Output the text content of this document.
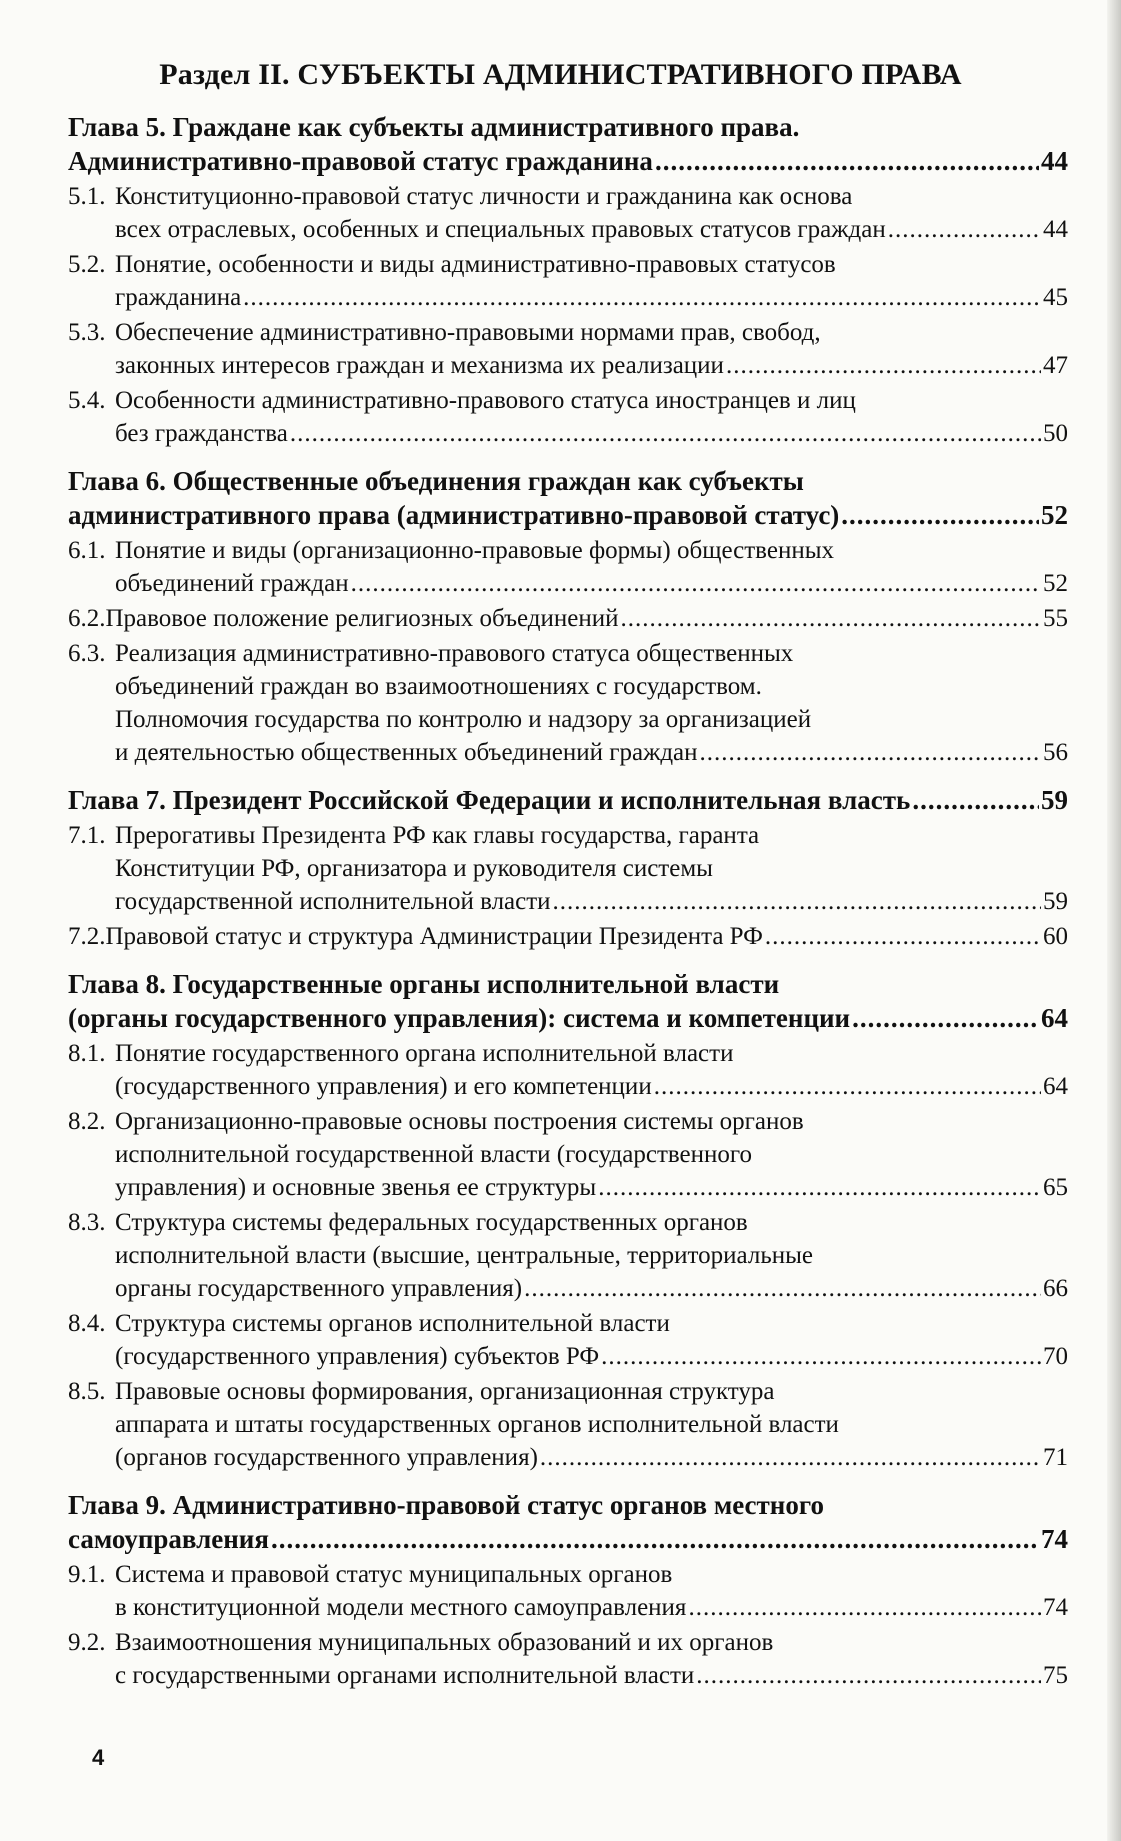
Раздел II. СУБЪЕКТЫ АДМИНИСТРАТИВНОГО ПРАВА
Глава 5. Граждане как субъекты административного права.
Административно-правовой статус гражданина .....	44
5.1. Конституционно-правовой статус личности и гражданина как основа
всех отраслевых, особенных и специальных правовых статусов граждан .....	44
5.2. Понятие, особенности и виды административно-правовых статусов
гражданина .....	45
5.3. Обеспечение административно-правовыми нормами прав, свобод,
законных интересов граждан и механизма их реализации .....	47
5.4. Особенности административно-правового статуса иностранцев и лиц
без гражданства .....	50
Глава 6. Общественные объединения граждан как субъекты
административного права (административно-правовой статус) .....	52
6.1. Понятие и виды (организационно-правовые формы) общественных
объединений граждан .....	52
6.2. Правовое положение религиозных объединений .....	55
6.3. Реализация административно-правового статуса общественных
объединений граждан во взаимоотношениях с государством.
Полномочия государства по контролю и надзору за организацией
и деятельностью общественных объединений граждан .....	56
Глава 7. Президент Российской Федерации и исполнительная власть .....	59
7.1. Прерогативы Президента РФ как главы государства, гаранта
Конституции РФ, организатора и руководителя системы
государственной исполнительной власти .....	59
7.2. Правовой статус и структура Администрации Президента РФ .....	60
Глава 8. Государственные органы исполнительной власти
(органы государственного управления): система и компетенции .....	64
8.1. Понятие государственного органа исполнительной власти
(государственного управления) и его компетенции .....	64
8.2. Организационно-правовые основы построения системы органов
исполнительной государственной власти (государственного
управления) и основные звенья ее структуры .....	65
8.3. Структура системы федеральных государственных органов
исполнительной власти (высшие, центральные, территориальные
органы государственного управления) .....	66
8.4. Структура системы органов исполнительной власти
(государственного управления) субъектов РФ .....	70
8.5. Правовые основы формирования, организационная структура
аппарата и штаты государственных органов исполнительной власти
(органов государственного управления) .....	71
Глава 9. Административно-правовой статус органов местного
самоуправления .....	74
9.1. Система и правовой статус муниципальных органов
в конституционной модели местного самоуправления .....	74
9.2. Взаимоотношения муниципальных образований и их органов
с государственными органами исполнительной власти .....	75
4
